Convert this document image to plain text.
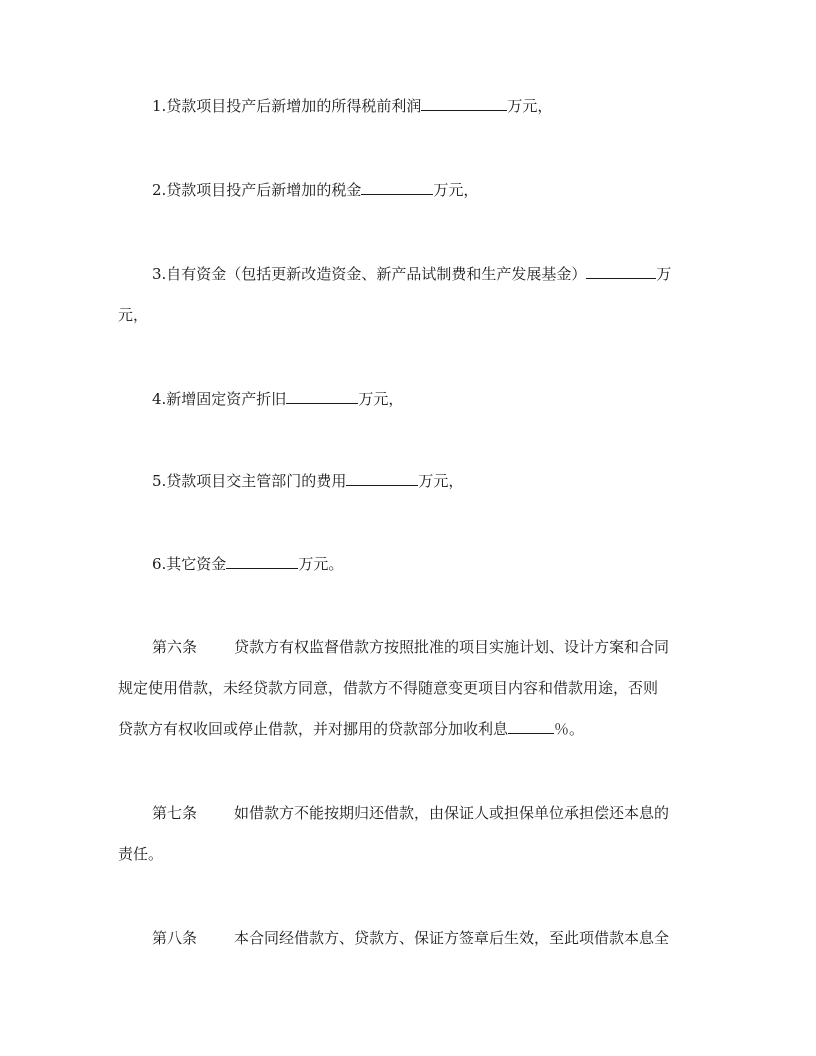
1.贷款项目投产后新增加的所得税前利润	万元，
2.贷款项目投产后新增加的税金	万元，
3.自有资金（包括更新改造资金、新产品试制费和生产发展基金）	万
元，
4.新增固定资产折旧	万元，
5.贷款项目交主管部门的费用	万元，
6.其它资金	万元。
第六条 贷款方有权监督借款方按照批准的项目实施计划、设计方案和合同
规定使用借款，未经贷款方同意，借款方不得随意变更项目内容和借款用途，否则
贷款方有权收回或停止借款，并对挪用的贷款部分加收利息	％。
第七条 如借款方不能按期归还借款，由保证人或担保单位承担偿还本息的
责任。
第八条 本合同经借款方、贷款方、保证方签章后生效，至此项借款本息全
